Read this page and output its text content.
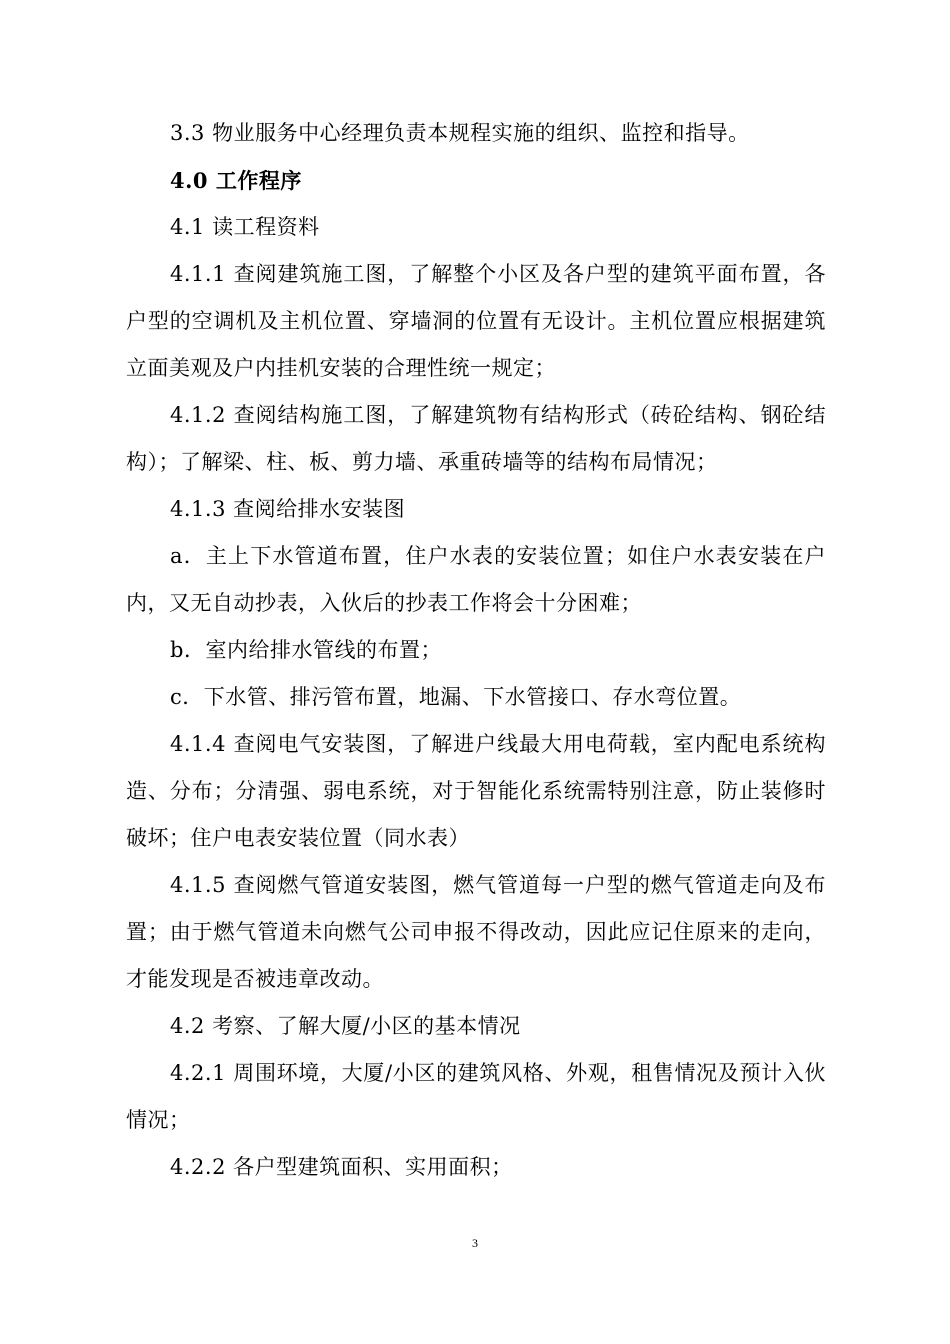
3.3 物业服务中心经理负责本规程实施的组织、监控和指导。

4.0 工作程序

4.1 读工程资料

4.1.1 查阅建筑施工图，了解整个小区及各户型的建筑平面布置，各户型的空调机及主机位置、穿墙洞的位置有无设计。主机位置应根据建筑立面美观及户内挂机安装的合理性统一规定；

4.1.2 查阅结构施工图，了解建筑物有结构形式（砖砼结构、钢砼结构）；了解梁、柱、板、剪力墙、承重砖墙等的结构布局情况；

4.1.3 查阅给排水安装图

a．主上下水管道布置，住户水表的安装位置；如住户水表安装在户内，又无自动抄表，入伙后的抄表工作将会十分困难；

b．室内给排水管线的布置；

c．下水管、排污管布置，地漏、下水管接口、存水弯位置。

4.1.4 查阅电气安装图，了解进户线最大用电荷载，室内配电系统构造、分布；分清强、弱电系统，对于智能化系统需特别注意，防止装修时破坏；住户电表安装位置（同水表）

4.1.5 查阅燃气管道安装图，燃气管道每一户型的燃气管道走向及布置；由于燃气管道未向燃气公司申报不得改动，因此应记住原来的走向，才能发现是否被违章改动。

4.2 考察、了解大厦/小区的基本情况

4.2.1 周围环境，大厦/小区的建筑风格、外观，租售情况及预计入伙情况；

4.2.2 各户型建筑面积、实用面积；

3
